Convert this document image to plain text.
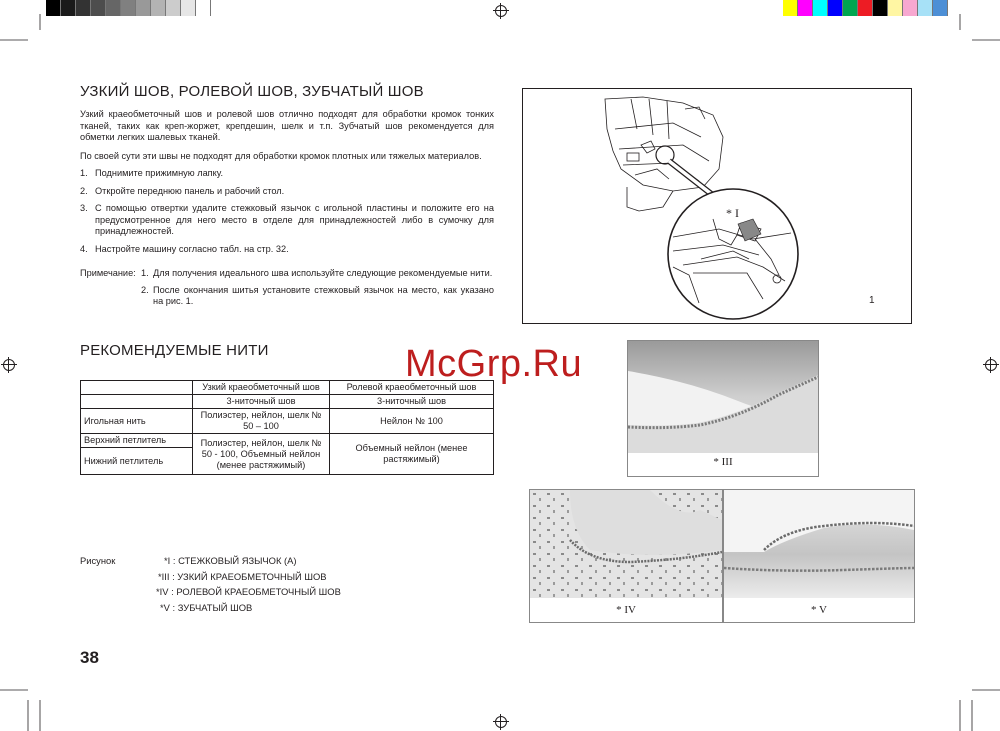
УЗКИЙ ШОВ, РОЛЕВОЙ ШОВ, ЗУБЧАТЫЙ ШОВ
Узкий краеобметочный шов и ролевой шов отлично подходят для обработки кромок тонких тканей, таких как креп-жоржет, крепдешин, шелк и т.п. Зубчатый шов рекомендуется для обметки легких шалевых тканей.
По своей сути эти швы не подходят для обработки кромок плотных или тяжелых материалов.
1. Поднимите прижимную лапку.
2. Откройте переднюю панель и рабочий стол.
3. С помощью отвертки удалите стежковый язычок с игольной пластины и положите его на предусмотренное для него место в отделе для принадлежностей либо в сумочку для принадлежностей.
4. Настройте машину согласно табл. на стр. 32.
Примечание: 1. Для получения идеального шва используйте следующие рекомендуемые нити.
2. После окончания шитья установите стежковый язычок на место, как указано на рис. 1.
* I
1
РЕКОМЕНДУЕМЫЕ НИТИ
	Узкий краеобметочный шов	Ролевой краеобметочный шов
	3-ниточный шов	3-ниточный шов
Игольная нить	Полиэстер, нейлон, шелк № 50 – 100	Нейлон № 100
Верхний петлитель	Полиэстер, нейлон, шелк № 50 - 100, Объемный нейлон (менее растяжимый)	Объемный нейлон (менее растяжимый)
Нижний петлитель			* III
* IV	* V
McGrp.Ru
Рисунок	*I : СТЕЖКОВЫЙ ЯЗЫЧОК (A)
*III : УЗКИЙ КРАЕОБМЕТОЧНЫЙ ШОВ
*IV : РОЛЕВОЙ КРАЕОБМЕТОЧНЫЙ ШОВ
*V : ЗУБЧАТЫЙ ШОВ
38
